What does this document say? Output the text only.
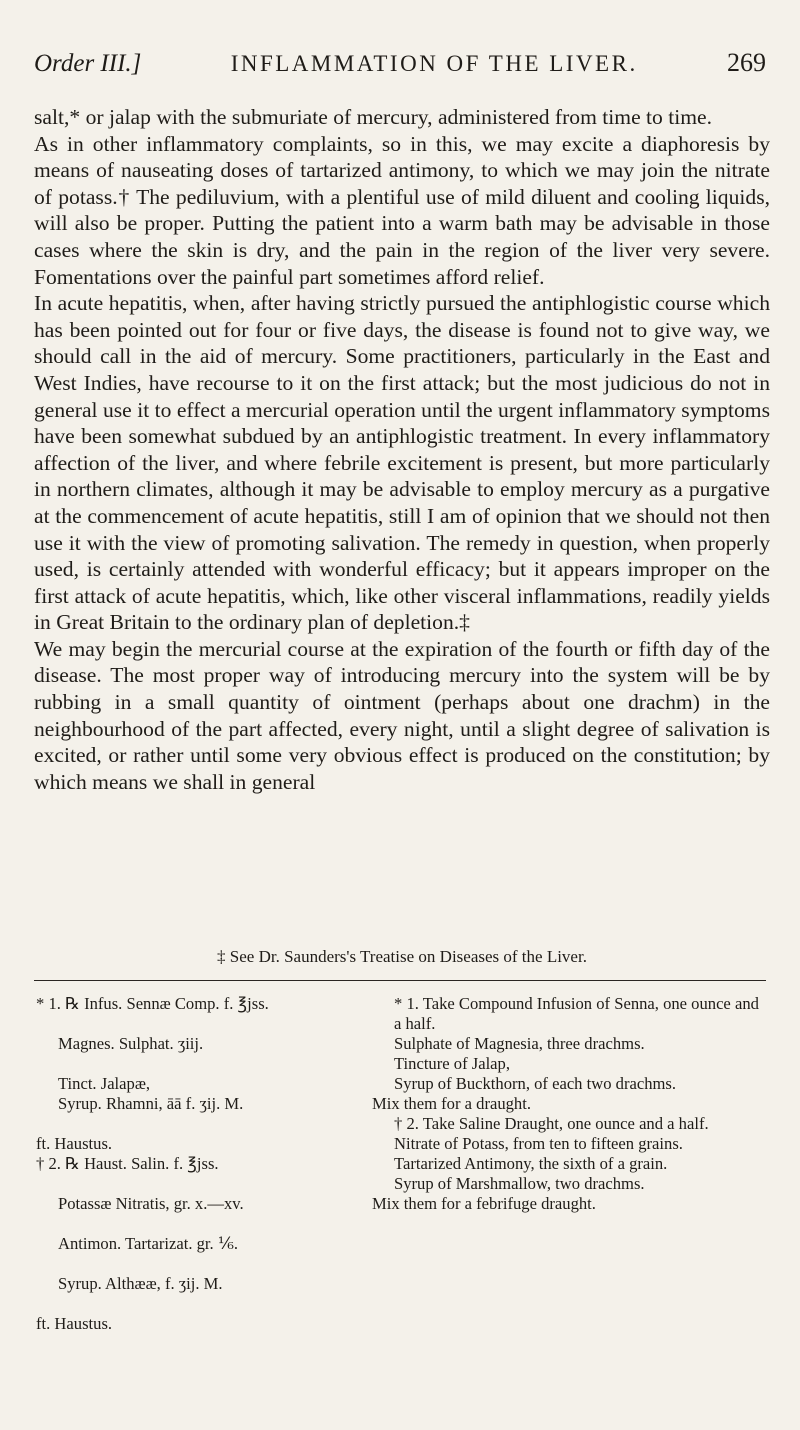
Order III.]	INFLAMMATION OF THE LIVER.	269

salt,* or jalap with the submuriate of mercury, administered from time to time.

As in other inflammatory complaints, so in this, we may excite a diaphoresis by means of nauseating doses of tartarized antimony, to which we may join the nitrate of potass.† The pediluvium, with a plentiful use of mild diluent and cooling liquids, will also be proper. Putting the patient into a warm bath may be advisable in those cases where the skin is dry, and the pain in the region of the liver very severe. Fomentations over the painful part sometimes afford relief.

In acute hepatitis, when, after having strictly pursued the antiphlogistic course which has been pointed out for four or five days, the disease is found not to give way, we should call in the aid of mercury. Some practitioners, particularly in the East and West Indies, have recourse to it on the first attack; but the most judicious do not in general use it to effect a mercurial operation until the urgent inflammatory symptoms have been somewhat subdued by an antiphlogistic treatment. In every inflammatory affection of the liver, and where febrile excitement is present, but more particularly in northern climates, although it may be advisable to employ mercury as a purgative at the commencement of acute hepatitis, still I am of opinion that we should not then use it with the view of promoting salivation. The remedy in question, when properly used, is certainly attended with wonderful efficacy; but it appears improper on the first attack of acute hepatitis, which, like other visceral inflammations, readily yields in Great Britain to the ordinary plan of depletion.‡

We may begin the mercurial course at the expiration of the fourth or fifth day of the disease. The most proper way of introducing mercury into the system will be by rubbing in a small quantity of ointment (perhaps about one drachm) in the neighbourhood of the part affected, every night, until a slight degree of salivation is excited, or rather until some very obvious effect is produced on the constitution; by which means we shall in general

‡ See Dr. Saunders's Treatise on Diseases of the Liver.
* 1. ℞ Infus. Sennæ Comp. f. ℥jss.
Magnes. Sulphat. ʒiij.
Tinct. Jalapæ,
Syrup. Rhamni, āā f. ʒij. M.
ft. Haustus.
† 2. ℞ Haust. Salin. f. ℥jss.
Potassæ Nitratis, gr. x.—xv.
Antimon. Tartarizat. gr. ⅙.
Syrup. Althææ, f. ʒij. M.
ft. Haustus.
* 1. Take Compound Infusion of Senna, one ounce and a half.
Sulphate of Magnesia, three drachms.
Tincture of Jalap,
Syrup of Buckthorn, of each two drachms.
Mix them for a draught.
† 2. Take Saline Draught, one ounce and a half.
Nitrate of Potass, from ten to fifteen grains.
Tartarized Antimony, the sixth of a grain.
Syrup of Marshmallow, two drachms.
Mix them for a febrifuge draught.
